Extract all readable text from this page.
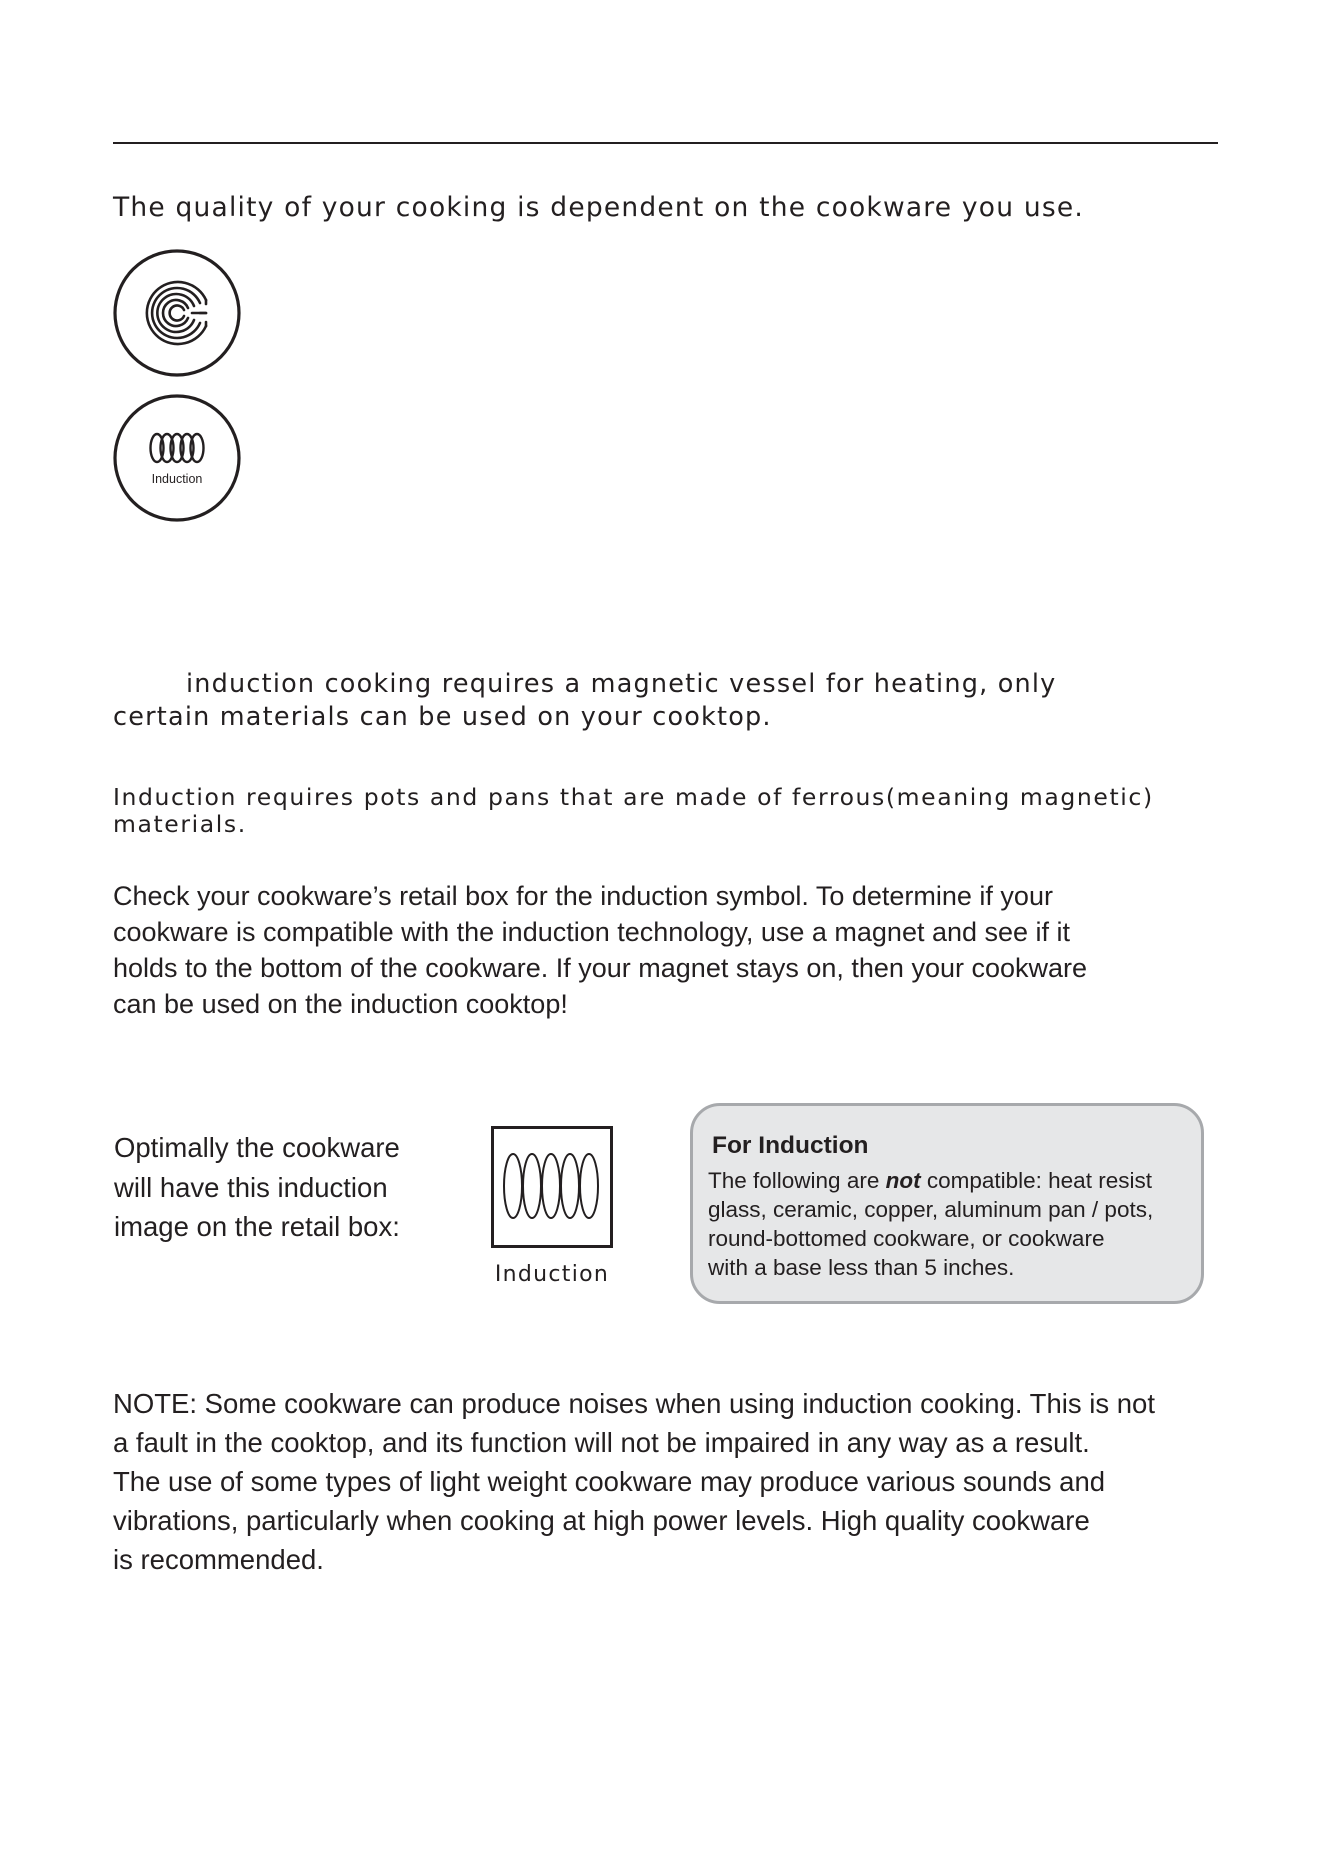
The quality of your cooking is dependent on the cookware you use.
Induction
induction cooking requires a magnetic vessel for heating, only
certain materials can be used on your cooktop.
Induction requires pots and pans that are made of ferrous(meaning magnetic)
materials.
Check your cookware’s retail box for the induction symbol. To determine if your
cookware is compatible with the induction technology, use a magnet and see if it
holds to the bottom of the cookware. If your magnet stays on, then your cookware
can be used on the induction cooktop!
Optimally the cookware
will have this induction
image on the retail box:
Induction
For Induction
The following are not compatible: heat resist
glass, ceramic, copper, aluminum pan / pots,
round-bottomed cookware, or cookware
with a base less than 5 inches.
NOTE: Some cookware can produce noises when using induction cooking. This is not
a fault in the cooktop, and its function will not be impaired in any way as a result.
The use of some types of light weight cookware may produce various sounds and
vibrations, particularly when cooking at high power levels. High quality cookware
is recommended.
